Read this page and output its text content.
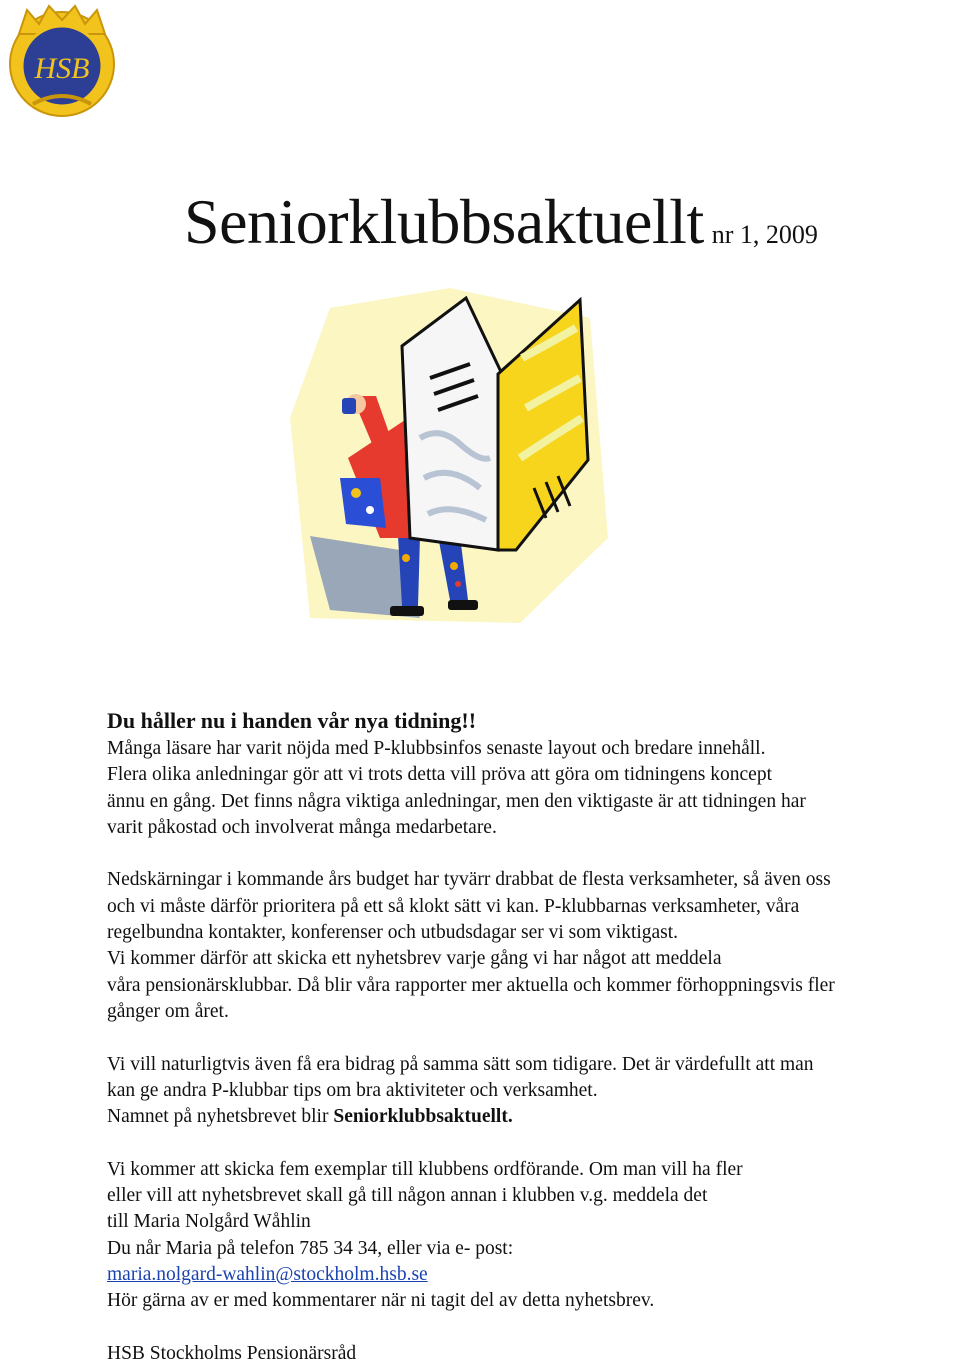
HSB
Seniorklubbsaktuellt nr 1, 2009
Du håller nu i handen vår nya tidning!!
Många läsare har varit nöjda med P-klubbsinfos senaste layout och bredare innehåll.
Flera olika anledningar gör att vi trots detta vill pröva att göra om tidningens koncept
ännu en gång. Det finns några viktiga anledningar, men den viktigaste är att tidningen har
varit påkostad och involverat många medarbetare.
Nedskärningar i kommande års budget har tyvärr drabbat de flesta verksamheter, så även oss
och vi måste därför prioritera på ett så klokt sätt vi kan. P-klubbarnas verksamheter, våra
regelbundna kontakter, konferenser och utbudsdagar ser vi som viktigast.
Vi kommer därför att skicka ett nyhetsbrev varje gång vi har något att meddela
våra pensionärsklubbar. Då blir våra rapporter mer aktuella och kommer förhoppningsvis fler
gånger om året.
Vi vill naturligtvis även få era bidrag på samma sätt som tidigare. Det är värdefullt att man
kan ge andra P-klubbar tips om bra aktiviteter och verksamhet.
Namnet på nyhetsbrevet blir Seniorklubbsaktuellt.
Vi kommer att skicka fem exemplar till klubbens ordförande. Om man vill ha fler
eller vill att nyhetsbrevet skall gå till någon annan i klubben v.g. meddela det
till Maria Nolgård Wåhlin
Du når Maria på telefon 785 34 34, eller via e- post:
maria.nolgard-wahlin@stockholm.hsb.se
Hör gärna av er med kommentarer när ni tagit del av detta nyhetsbrev.
HSB Stockholms Pensionärsråd
